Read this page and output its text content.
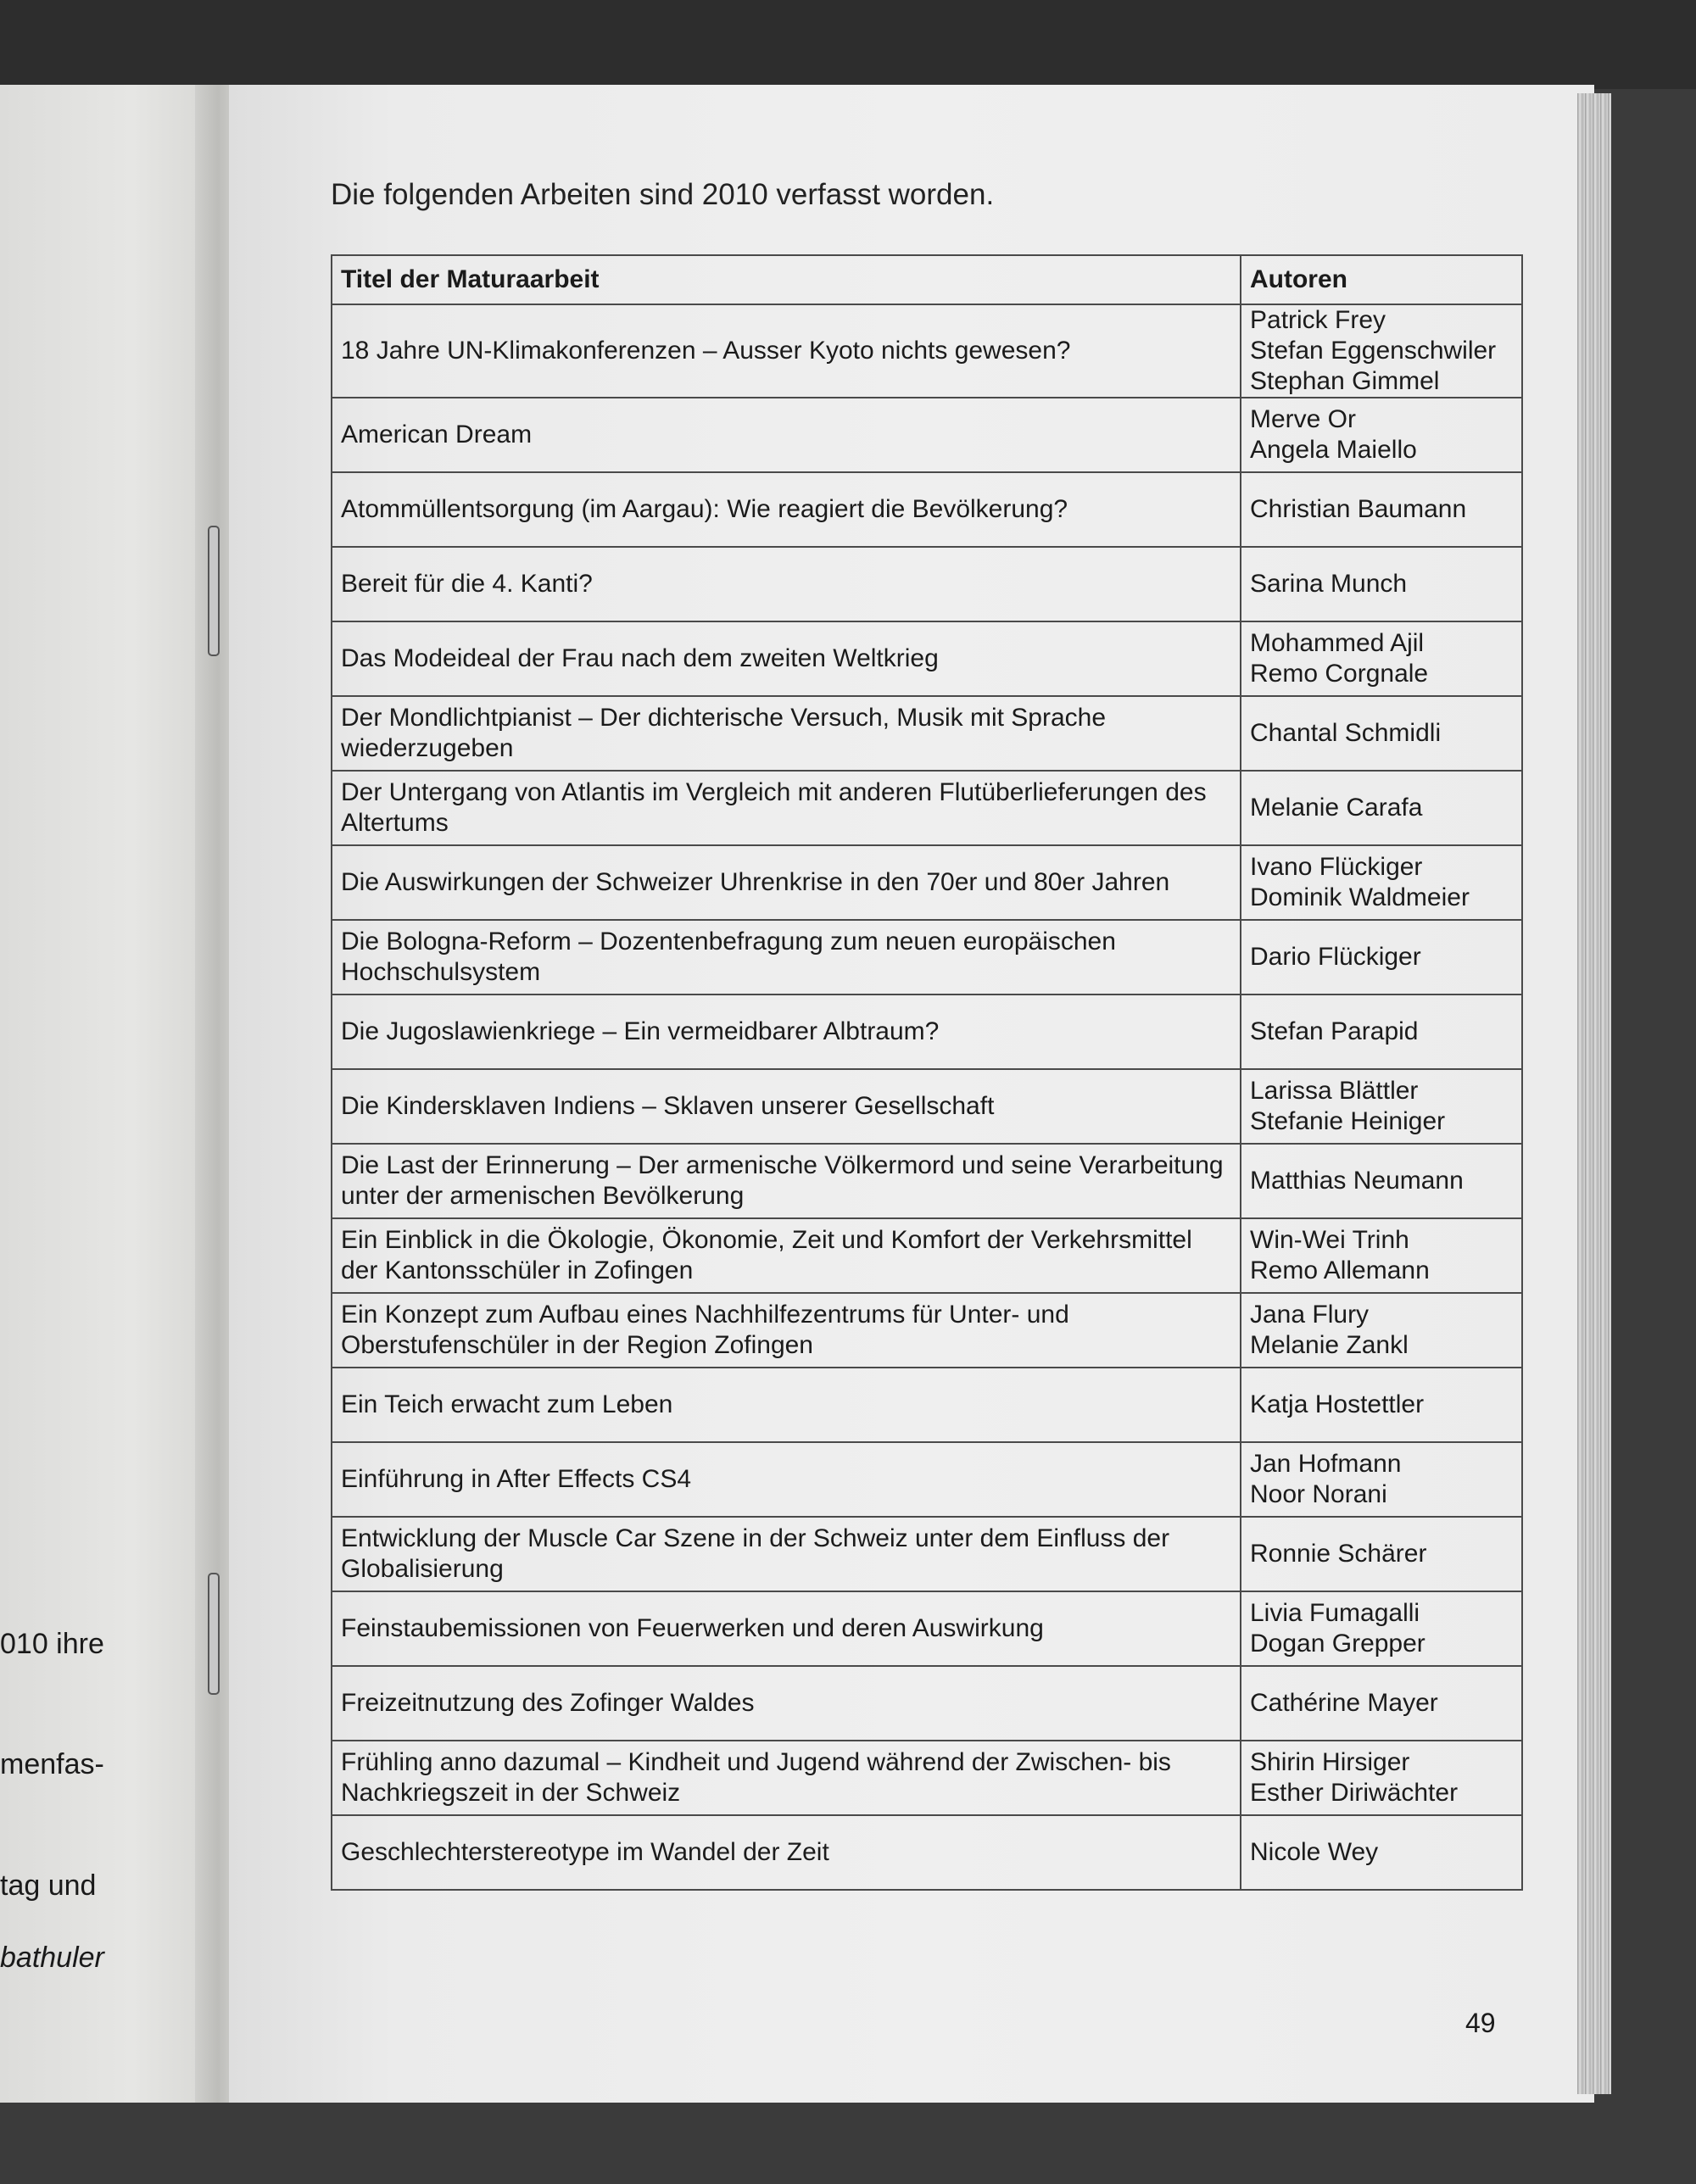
010 ihre
menfas-
tag und
bathuler
Die folgenden Arbeiten sind 2010 verfasst worden.
Titel der Maturaarbeit	Autoren
18 Jahre UN-Klimakonferenzen – Ausser Kyoto nichts gewesen?	Patrick Frey
Stefan Eggenschwiler
Stephan Gimmel

American Dream	Merve Or
Angela Maiello

Atommüllentsorgung (im Aargau): Wie reagiert die Bevölkerung?	Christian Baumann

Bereit für die 4. Kanti?	Sarina Munch

Das Modeideal der Frau nach dem zweiten Weltkrieg	Mohammed Ajil
Remo Corgnale

Der Mondlichtpianist – Der dichterische Versuch, Musik mit Sprache wiederzugeben	Chantal Schmidli

Der Untergang von Atlantis im Vergleich mit anderen Flutüberlieferungen des Altertums	Melanie Carafa

Die Auswirkungen der Schweizer Uhrenkrise in den 70er und 80er Jahren	Ivano Flückiger
Dominik Waldmeier

Die Bologna-Reform – Dozentenbefragung zum neuen europäischen Hochschulsystem	Dario Flückiger

Die Jugoslawienkriege – Ein vermeidbarer Albtraum?	Stefan Parapid

Die Kindersklaven Indiens – Sklaven unserer Gesellschaft	Larissa Blättler
Stefanie Heiniger

Die Last der Erinnerung – Der armenische Völkermord und seine Verarbeitung unter der armenischen Bevölkerung	Matthias Neumann

Ein Einblick in die Ökologie, Ökonomie, Zeit und Komfort der Verkehrsmittel der Kantonsschüler in Zofingen	Win-Wei Trinh
Remo Allemann

Ein Konzept zum Aufbau eines Nachhilfezentrums für Unter- und Oberstufenschüler in der Region Zofingen	Jana Flury
Melanie Zankl

Ein Teich erwacht zum Leben	Katja Hostettler

Einführung in After Effects CS4	Jan Hofmann
Noor Norani

Entwicklung der Muscle Car Szene in der Schweiz unter dem Einfluss der Globalisierung	Ronnie Schärer

Feinstaubemissionen von Feuerwerken und deren Auswirkung	Livia Fumagalli
Dogan Grepper

Freizeitnutzung des Zofinger Waldes	Cathérine Mayer

Frühling anno dazumal – Kindheit und Jugend während der Zwischen- bis Nachkriegszeit in der Schweiz	Shirin Hirsiger
Esther Diriwächter

Geschlechterstereotype im Wandel der Zeit	Nicole Wey
49
